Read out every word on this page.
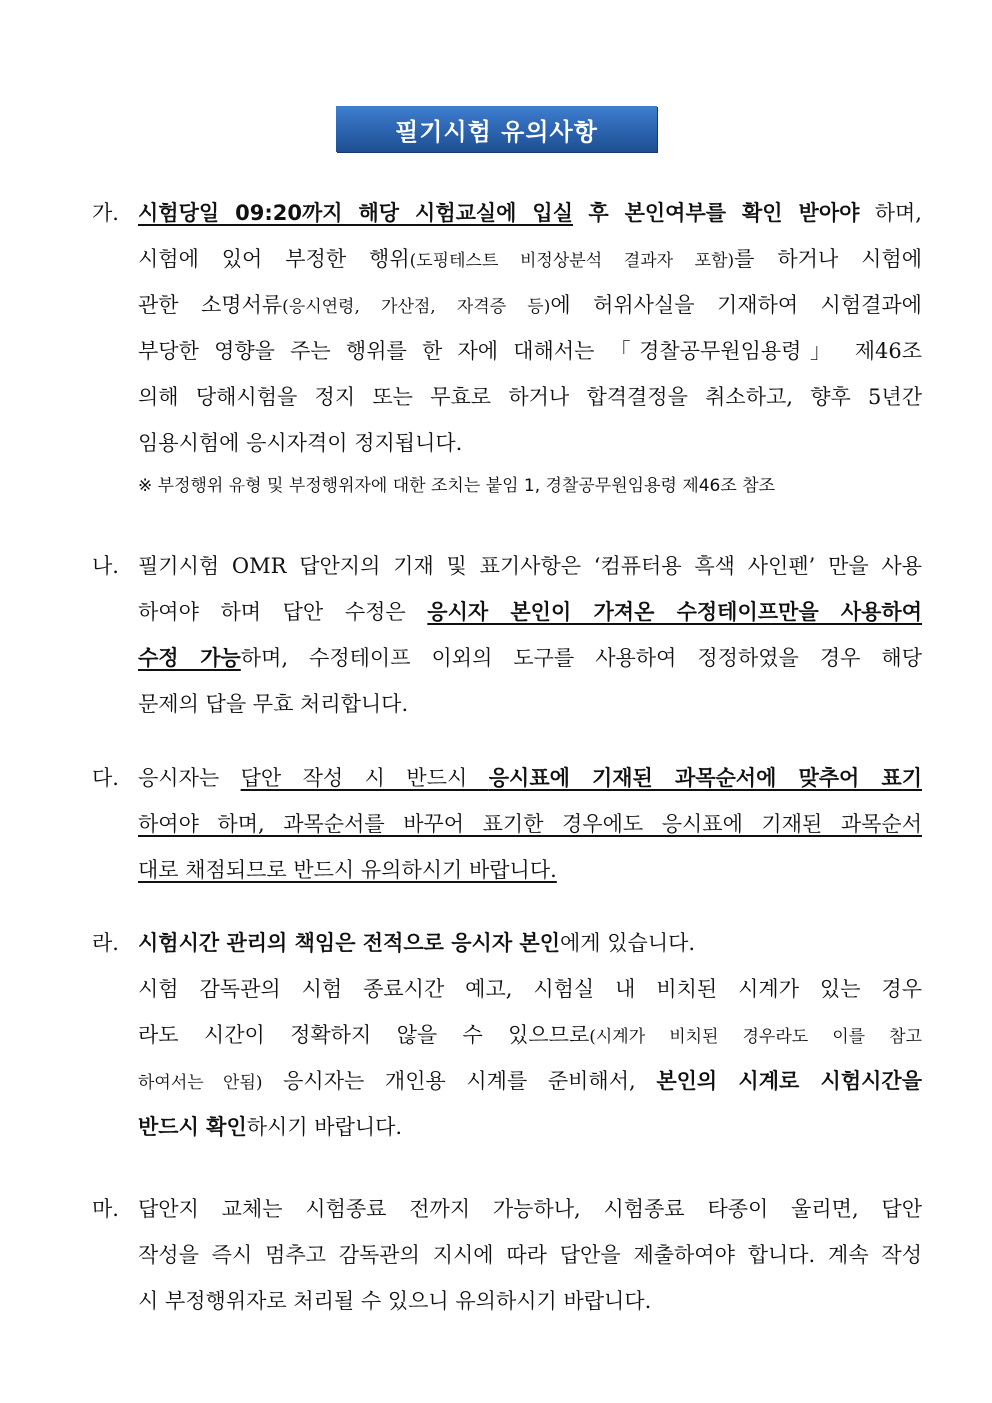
필기시험 유의사항
가. 시험당일 09:20까지 해당 시험교실에 입실 후 본인여부를 확인 받아야 하며,
시험에 있어 부정한 행위(도핑테스트 비정상분석 결과자 포함)를 하거나 시험에
관한 소명서류(응시연령, 가산점, 자격증 등)에 허위사실을 기재하여 시험결과에
부당한 영향을 주는 행위를 한 자에 대해서는 「경찰공무원임용령」 제46조
의해 당해시험을 정지 또는 무효로 하거나 합격결정을 취소하고, 향후 5년간
임용시험에 응시자격이 정지됩니다.
※ 부정행위 유형 및 부정행위자에 대한 조치는 붙임 1, 경찰공무원임용령 제46조 참조
나. 필기시험 OMR 답안지의 기재 및 표기사항은 ‘컴퓨터용 흑색 사인펜’ 만을 사용
하여야 하며 답안 수정은 응시자 본인이 가져온 수정테이프만을 사용하여
수정 가능하며, 수정테이프 이외의 도구를 사용하여 정정하였을 경우 해당
문제의 답을 무효 처리합니다.
다. 응시자는 답안 작성 시 반드시 응시표에 기재된 과목순서에 맞추어 표기
하여야 하며, 과목순서를 바꾸어 표기한 경우에도 응시표에 기재된 과목순서
대로 채점되므로 반드시 유의하시기 바랍니다.
라. 시험시간 관리의 책임은 전적으로 응시자 본인에게 있습니다.
시험 감독관의 시험 종료시간 예고, 시험실 내 비치된 시계가 있는 경우
라도 시간이 정확하지 않을 수 있으므로(시계가 비치된 경우라도 이를 참고
하여서는 안됨) 응시자는 개인용 시계를 준비해서, 본인의 시계로 시험시간을
반드시 확인하시기 바랍니다.
마. 답안지 교체는 시험종료 전까지 가능하나, 시험종료 타종이 울리면, 답안
작성을 즉시 멈추고 감독관의 지시에 따라 답안을 제출하여야 합니다. 계속 작성
시 부정행위자로 처리될 수 있으니 유의하시기 바랍니다.
